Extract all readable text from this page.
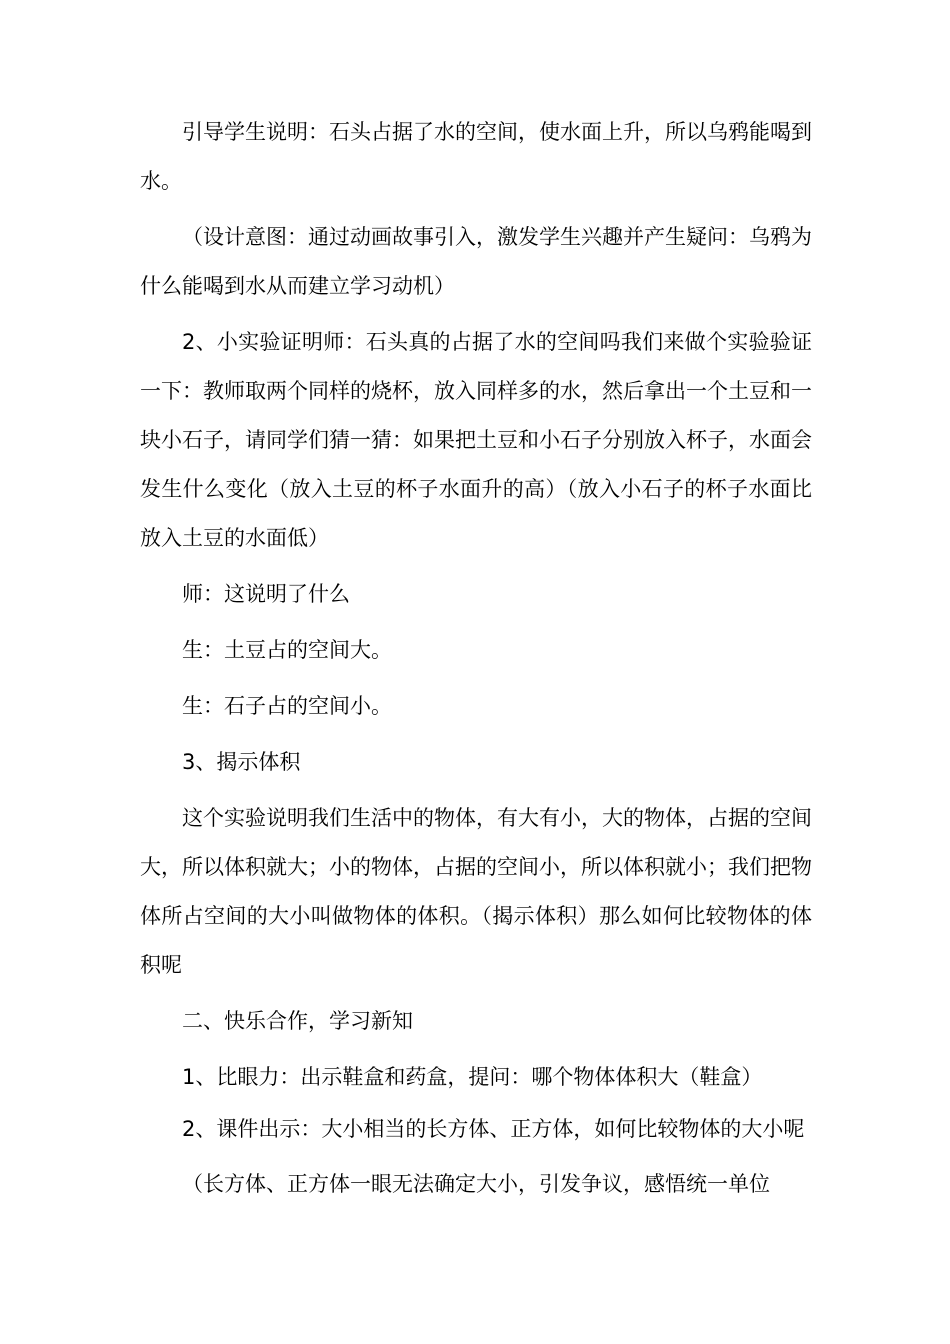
引导学生说明：石头占据了水的空间，使水面上升，所以乌鸦能喝到水。

（设计意图：通过动画故事引入，激发学生兴趣并产生疑问：乌鸦为什么能喝到水从而建立学习动机）

2、小实验证明师：石头真的占据了水的空间吗我们来做个实验验证一下：教师取两个同样的烧杯，放入同样多的水，然后拿出一个土豆和一块小石子，请同学们猜一猜：如果把土豆和小石子分别放入杯子，水面会发生什么变化（放入土豆的杯子水面升的高）（放入小石子的杯子水面比放入土豆的水面低）

师：这说明了什么

生：土豆占的空间大。

生：石子占的空间小。

3、揭示体积

这个实验说明我们生活中的物体，有大有小，大的物体，占据的空间大，所以体积就大；小的物体，占据的空间小，所以体积就小；我们把物体所占空间的大小叫做物体的体积。（揭示体积）那么如何比较物体的体积呢

二、快乐合作，学习新知

1、比眼力：出示鞋盒和药盒，提问：哪个物体体积大（鞋盒）

2、课件出示：大小相当的长方体、正方体，如何比较物体的大小呢

（长方体、正方体一眼无法确定大小，引发争议，感悟统一单位
